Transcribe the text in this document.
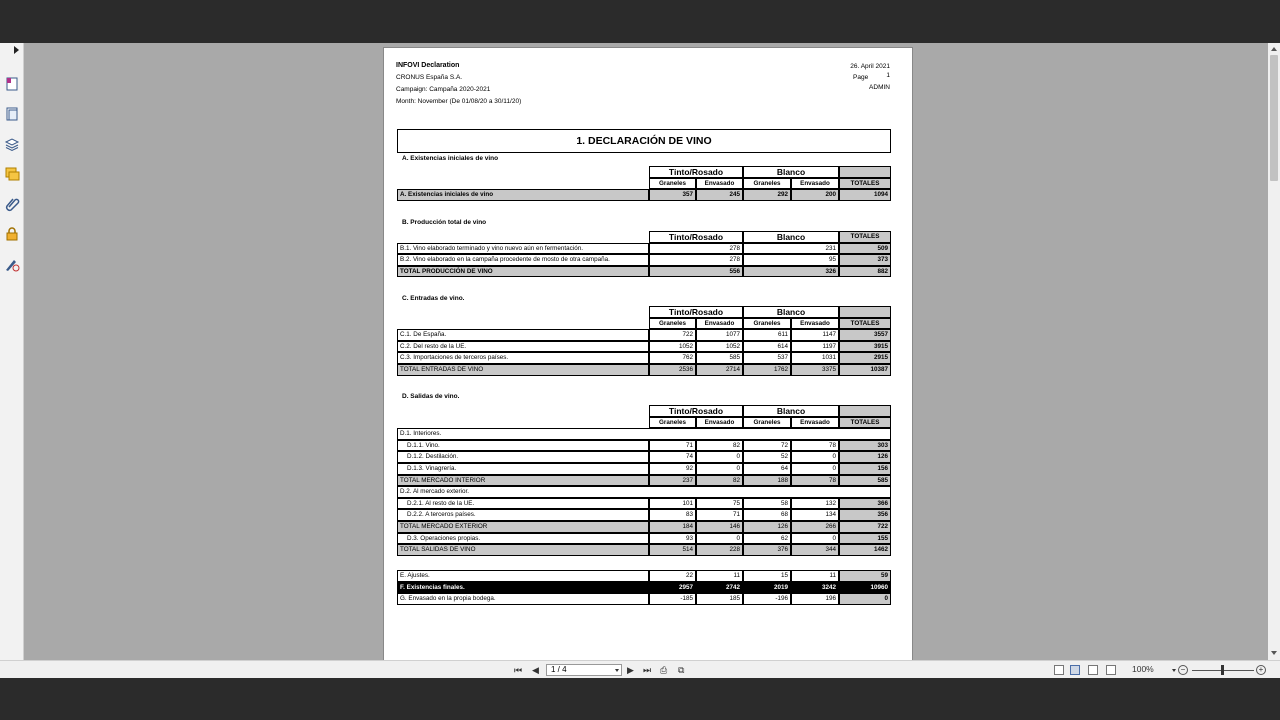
INFOVI Declaration
CRONUS España S.A.
Campaign: Campaña 2020-2021
Month: November (De 01/08/20 a 30/11/20)
26. April 2021
Page	1
ADMIN
1. DECLARACIÓN DE VINO
A. Existencias iniciales de vino
Tinto/Rosado	Blanco
Graneles	Envasado	Graneles	Envasado	TOTALES
A. Existencias iniciales de vino	357	245	292	200	1094
B. Producción total de vino
Tinto/Rosado	Blanco	TOTALES
B.1. Vino elaborado terminado y vino nuevo aún en fermentación.	278	231	509
B.2. Vino elaborado en la campaña procedente de mosto de otra campaña.	278	95	373
TOTAL PRODUCCIÓN DE VINO	556	326	882
C. Entradas de vino.
Tinto/Rosado	Blanco
Graneles	Envasado	Graneles	Envasado	TOTALES
C.1. De España.	722	1077	611	1147	3557
C.2. Del resto de la UE.	1052	1052	614	1197	3915
C.3. Importaciones de terceros países.	762	585	537	1031	2915
TOTAL ENTRADAS DE VINO	2536	2714	1762	3375	10387
D. Salidas de vino.
Tinto/Rosado	Blanco
Graneles	Envasado	Graneles	Envasado	TOTALES
D.1. Interiores.
D.1.1. Vino.	71	82	72	78	303
D.1.2. Destilación.	74	0	52	0	126
D.1.3. Vinagrería.	92	0	64	0	156
TOTAL MERCADO INTERIOR	237	82	188	78	585
D.2. Al mercado exterior.
D.2.1. Al resto de la UE.	101	75	58	132	366
D.2.2. A terceros países.	83	71	68	134	356
TOTAL MERCADO EXTERIOR	184	146	126	266	722
D.3. Operaciones propias.	93	0	62	0	155
TOTAL SALIDAS DE VINO	514	228	376	344	1462
E. Ajustes.	22	11	15	11	59
F. Existencias finales.	2957	2742	2019	3242	10960
G. Envasado en la propia bodega.	-185	185	-196	196	0
⏮ ◀	1 / 4	▶ ⏭ ⎙ ⧉	100%	−	+
